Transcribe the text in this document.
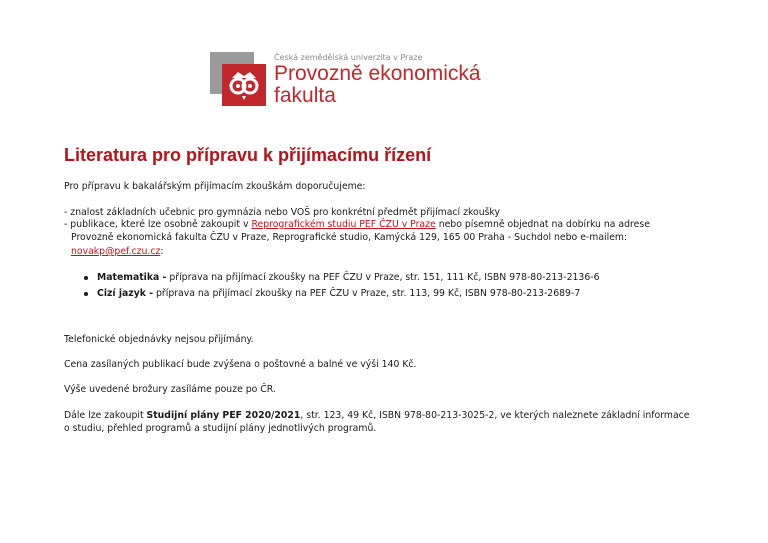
Česká zemědělská univerzita v Praze
Provozně ekonomická
fakulta
Literatura pro přípravu k přijímacímu řízení
Pro přípravu k bakalářským přijímacím zkouškám doporučujeme:
- znalost základních učebnic pro gymnázia nebo VOŠ pro konkrétní předmět přijímací zkoušky
- publikace, které lze osobně zakoupit v Reprografickém studiu PEF ČZU v Praze nebo písemně objednat na dobírku na adrese
Provozně ekonomická fakulta ČZU v Praze, Reprografické studio, Kamýcká 129, 165 00 Praha - Suchdol nebo e-mailem:
novakp@pef.czu.cz:
Matematika - příprava na přijímací zkoušky na PEF ČZU v Praze, str. 151, 111 Kč, ISBN 978-80-213-2136-6
Cizí jazyk - příprava na přijímací zkoušky na PEF ČZU v Praze, str. 113, 99 Kč, ISBN 978-80-213-2689-7
Telefonické objednávky nejsou přijímány.
Cena zasílaných publikací bude zvýšena o poštovné a balné ve výši 140 Kč.
Výše uvedené brožury zasíláme pouze po ČR.
Dále lze zakoupit Studijní plány PEF 2020/2021, str. 123, 49 Kč, ISBN 978-80-213-3025-2, ve kterých naleznete základní informace
o studiu, přehled programů a studijní plány jednotlivých programů.
